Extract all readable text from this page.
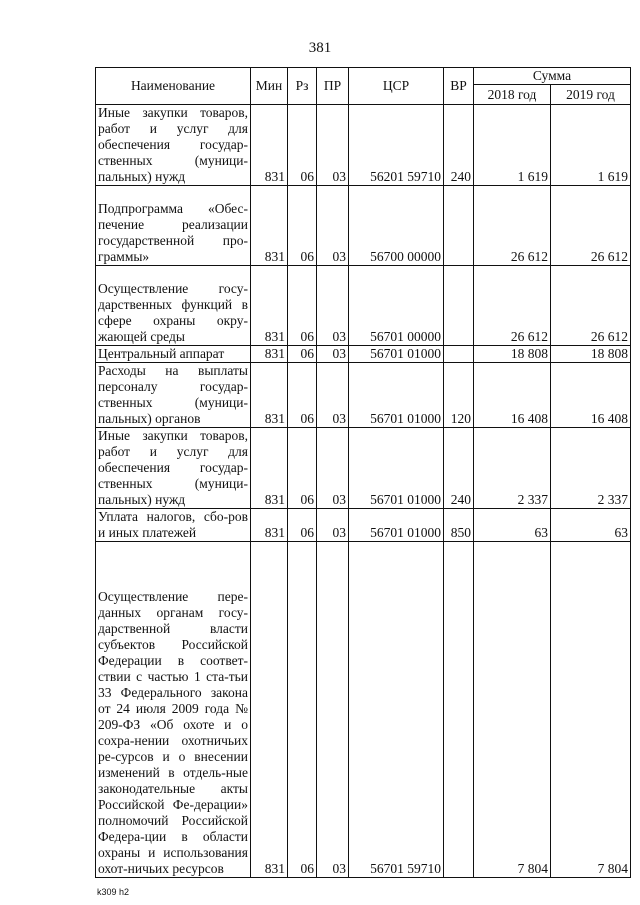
381
Наименование	Мин	Рз	ПР	ЦСР	ВР	Сумма	
						2018 год	2019 год
Иные закупки товаров, работ и услуг для обеспечения государ-ственных (муници-пальных) нужд	831	06	03	56201 59710	240	1 619	1 619
Подпрограмма «Обес-печение реализации государственной про-граммы»	831	06	03	56700 00000		26 612	26 612
Осуществление госу-дарственных функций в сфере охраны окру-жающей среды	831	06	03	56701 00000		26 612	26 612
Центральный аппарат	831	06	03	56701 01000		18 808	18 808
Расходы на выплаты персоналу государ-ственных (муници-пальных) органов	831	06	03	56701 01000	120	16 408	16 408
Иные закупки товаров, работ и услуг для обеспечения государ-ственных (муници-пальных) нужд	831	06	03	56701 01000	240	2 337	2 337
Уплата налогов, сбо-ров и иных платежей	831	06	03	56701 01000	850	63	63
Осуществление пере-данных органам госу-дарственной власти субъектов Российской Федерации в соответ-ствии с частью 1 ста-тьи 33 Федерального закона от 24 июля 2009 года № 209-ФЗ «Об охоте и о сохра-нении охотничьих ре-сурсов и о внесении изменений в отдель-ные законодательные акты Российской Фе-дерации» полномочий Российской Федера-ции в области охраны и использования охот-ничьих ресурсов	831	06	03	56701 59710		7 804	7 804
k309 h2
